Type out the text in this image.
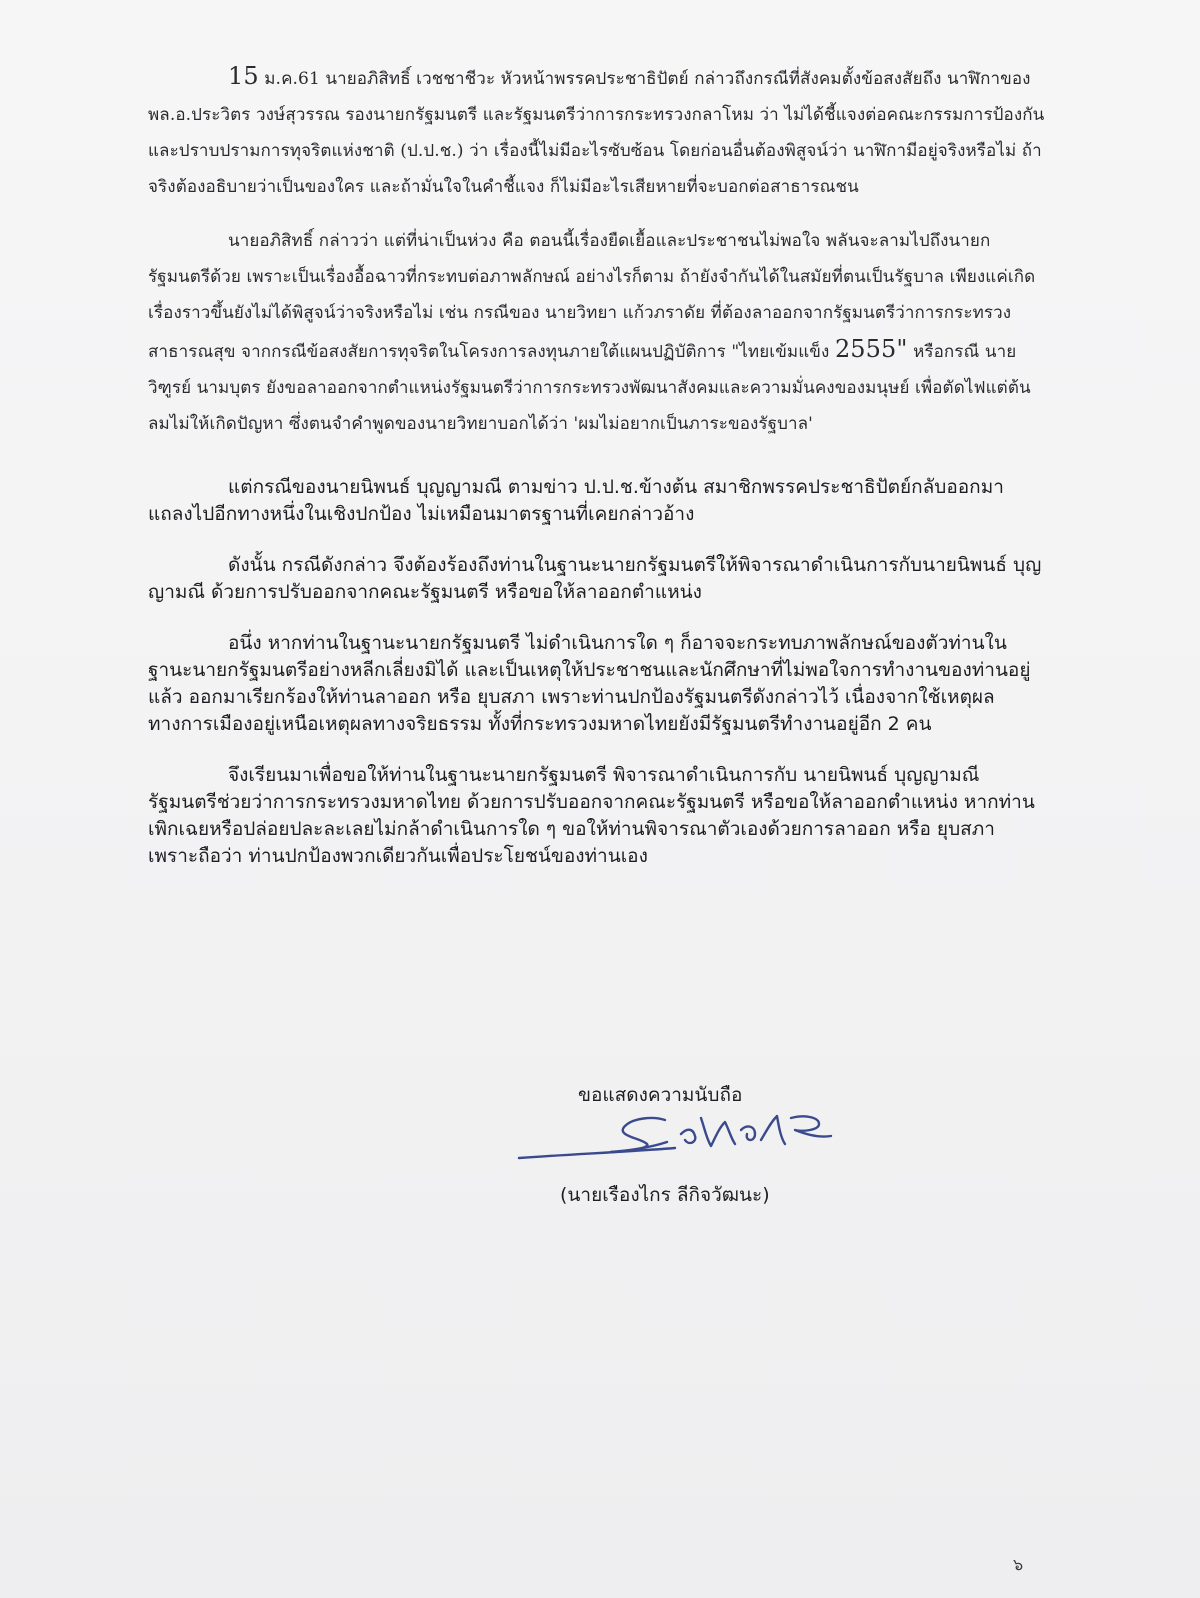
15 ม.ค.61 นายอภิสิทธิ์ เวชชาชีวะ หัวหน้าพรรคประชาธิปัตย์ กล่าวถึงกรณีที่สังคมตั้งข้อสงสัยถึง นาฬิกาของ พล.อ.ประวิตร วงษ์สุวรรณ รองนายกรัฐมนตรี และรัฐมนตรีว่าการกระทรวงกลาโหม ว่า ไม่ได้ชี้แจงต่อคณะกรรมการป้องกันและปราบปรามการทุจริตแห่งชาติ (ป.ป.ช.) ว่า เรื่องนี้ไม่มีอะไรซับซ้อน โดยก่อนอื่นต้องพิสูจน์ว่า นาฬิกามีอยู่จริงหรือไม่ ถ้าจริงต้องอธิบายว่าเป็นของใคร และถ้ามั่นใจในคำชี้แจง ก็ไม่มีอะไรเสียหายที่จะบอกต่อสาธารณชน

นายอภิสิทธิ์ กล่าวว่า แต่ที่น่าเป็นห่วง คือ ตอนนี้เรื่องยืดเยื้อและประชาชนไม่พอใจ พลันจะลามไปถึงนายกรัฐมนตรีด้วย เพราะเป็นเรื่องอื้อฉาวที่กระทบต่อภาพลักษณ์ อย่างไรก็ตาม ถ้ายังจำกันได้ในสมัยที่ตนเป็นรัฐบาล เพียงแค่เกิดเรื่องราวขึ้นยังไม่ได้พิสูจน์ว่าจริงหรือไม่ เช่น กรณีของ นายวิทยา แก้วภราดัย ที่ต้องลาออกจากรัฐมนตรีว่าการกระทรวงสาธารณสุข จากกรณีข้อสงสัยการทุจริตในโครงการลงทุนภายใต้แผนปฏิบัติการ "ไทยเข้มแข็ง 2555" หรือกรณี นายวิฑูรย์ นามบุตร ยังขอลาออกจากตำแหน่งรัฐมนตรีว่าการกระทรวงพัฒนาสังคมและความมั่นคงของมนุษย์ เพื่อตัดไฟแต่ต้นลมไม่ให้เกิดปัญหา ซึ่งตนจำคำพูดของนายวิทยาบอกได้ว่า 'ผมไม่อยากเป็นภาระของรัฐบาล'

แต่กรณีของนายนิพนธ์ บุญญามณี ตามข่าว ป.ป.ช.ข้างต้น สมาชิกพรรคประชาธิปัตย์กลับออกมาแถลงไปอีกทางหนึ่งในเชิงปกป้อง ไม่เหมือนมาตรฐานที่เคยกล่าวอ้าง

ดังนั้น กรณีดังกล่าว จึงต้องร้องถึงท่านในฐานะนายกรัฐมนตรีให้พิจารณาดำเนินการกับนายนิพนธ์ บุญญามณี ด้วยการปรับออกจากคณะรัฐมนตรี หรือขอให้ลาออกตำแหน่ง

อนึ่ง หากท่านในฐานะนายกรัฐมนตรี ไม่ดำเนินการใด ๆ ก็อาจจะกระทบภาพลักษณ์ของตัวท่านในฐานะนายกรัฐมนตรีอย่างหลีกเลี่ยงมิได้ และเป็นเหตุให้ประชาชนและนักศึกษาที่ไม่พอใจการทำงานของท่านอยู่แล้ว ออกมาเรียกร้องให้ท่านลาออก หรือ ยุบสภา เพราะท่านปกป้องรัฐมนตรีดังกล่าวไว้ เนื่องจากใช้เหตุผลทางการเมืองอยู่เหนือเหตุผลทางจริยธรรม ทั้งที่กระทรวงมหาดไทยยังมีรัฐมนตรีทำงานอยู่อีก 2 คน

จึงเรียนมาเพื่อขอให้ท่านในฐานะนายกรัฐมนตรี พิจารณาดำเนินการกับ นายนิพนธ์ บุญญามณี รัฐมนตรีช่วยว่าการกระทรวงมหาดไทย ด้วยการปรับออกจากคณะรัฐมนตรี หรือขอให้ลาออกตำแหน่ง หากท่านเพิกเฉยหรือปล่อยปละละเลยไม่กล้าดำเนินการใด ๆ ขอให้ท่านพิจารณาตัวเองด้วยการลาออก หรือ ยุบสภา เพราะถือว่า ท่านปกป้องพวกเดียวกันเพื่อประโยชน์ของท่านเอง

ขอแสดงความนับถือ
(นายเรืองไกร ลีกิจวัฒนะ)
๖
